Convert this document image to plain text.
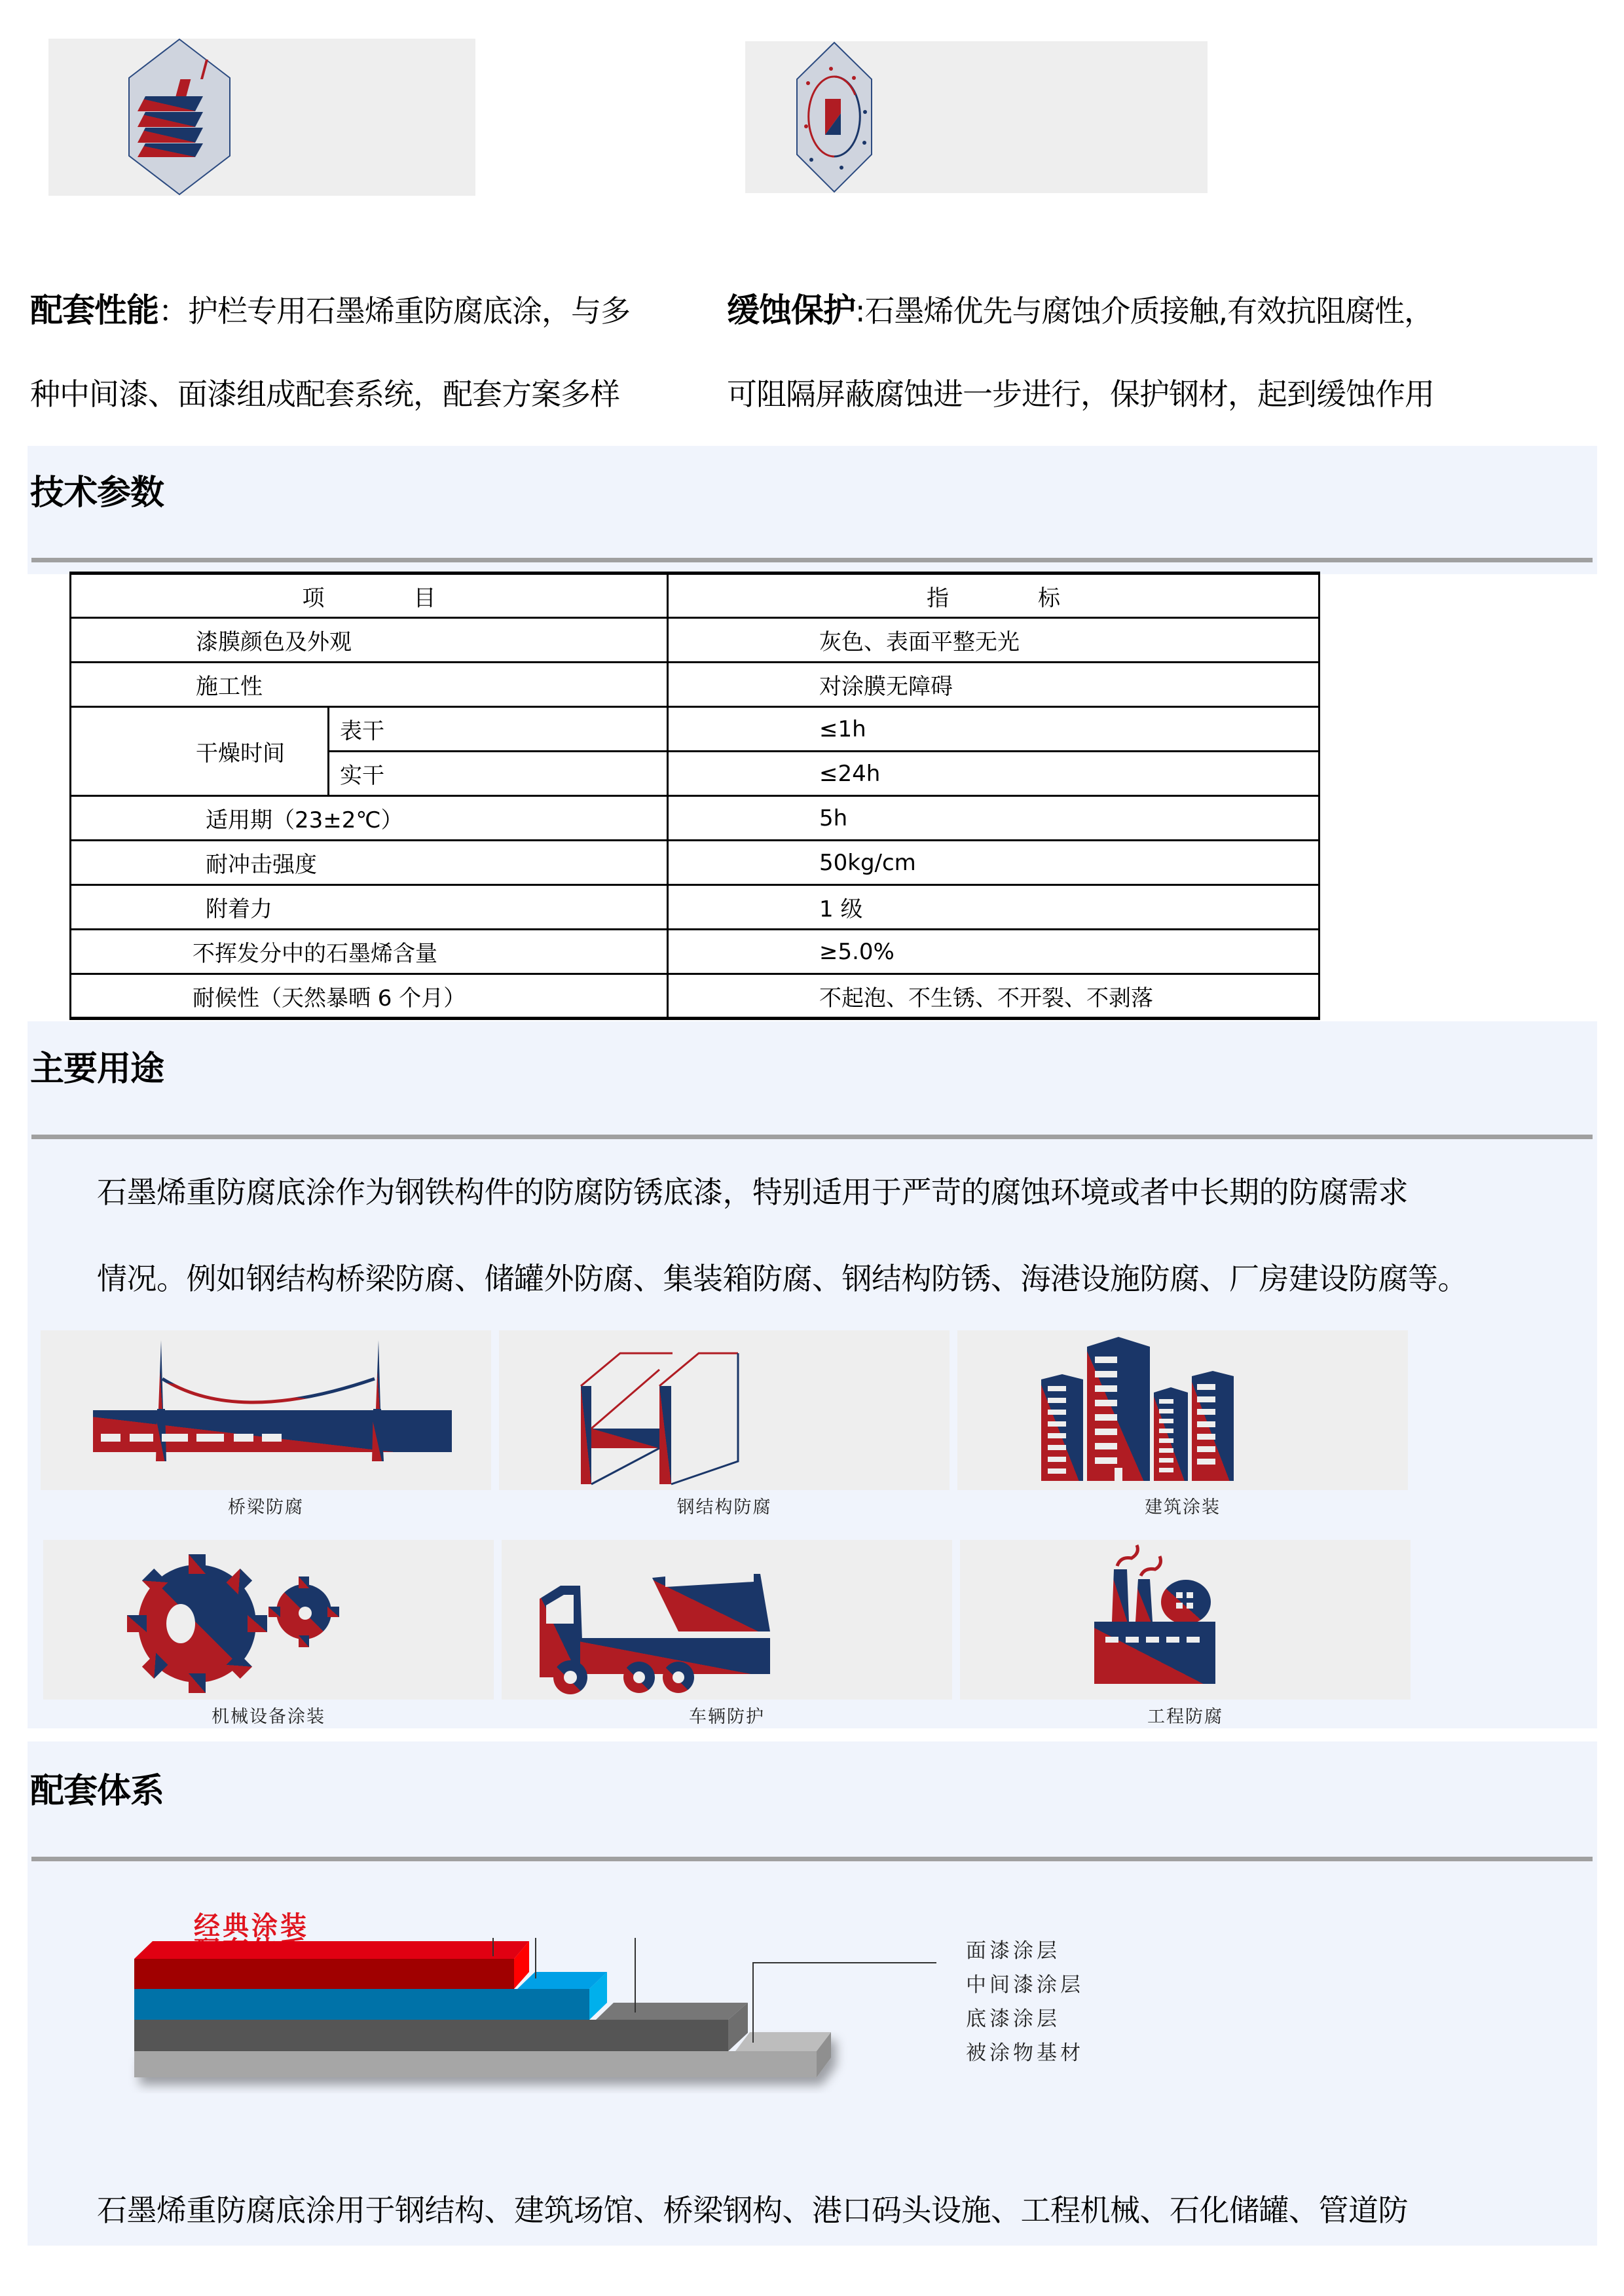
配套性能：护栏专用石墨烯重防腐底涂，与多
种中间漆、面漆组成配套系统，配套方案多样
缓蚀保护:石墨烯优先与腐蚀介质接触,有效抗阻腐性，
可阻隔屏蔽腐蚀进一步进行，保护钢材，起到缓蚀作用
技术参数
项　　　　目		指　　　　标
漆膜颜色及外观		灰色、表面平整无光
施工性		对涂膜无障碍
干燥时间	表干	≤1h
	实干	≤24h
适用期（23±2℃）		5h
耐冲击强度		50kg/cm
附着力		1 级
不挥发分中的石墨烯含量		≥5.0%
耐候性（天然暴晒 6 个月）		不起泡、不生锈、不开裂、不剥落
主要用途
石墨烯重防腐底涂作为钢铁构件的防腐防锈底漆，特别适用于严苛的腐蚀环境或者中长期的防腐需求
情况。例如钢结构桥梁防腐、储罐外防腐、集装箱防腐、钢结构防锈、海港设施防腐、厂房建设防腐等。
桥梁防腐	钢结构防腐	建筑涂装
机械设备涂装	车辆防护	工程防腐
配套体系
经典涂装
面漆涂层
中间漆涂层
底漆涂层
被涂物基材
石墨烯重防腐底涂用于钢结构、建筑场馆、桥梁钢构、港口码头设施、工程机械、石化储罐、管道防
